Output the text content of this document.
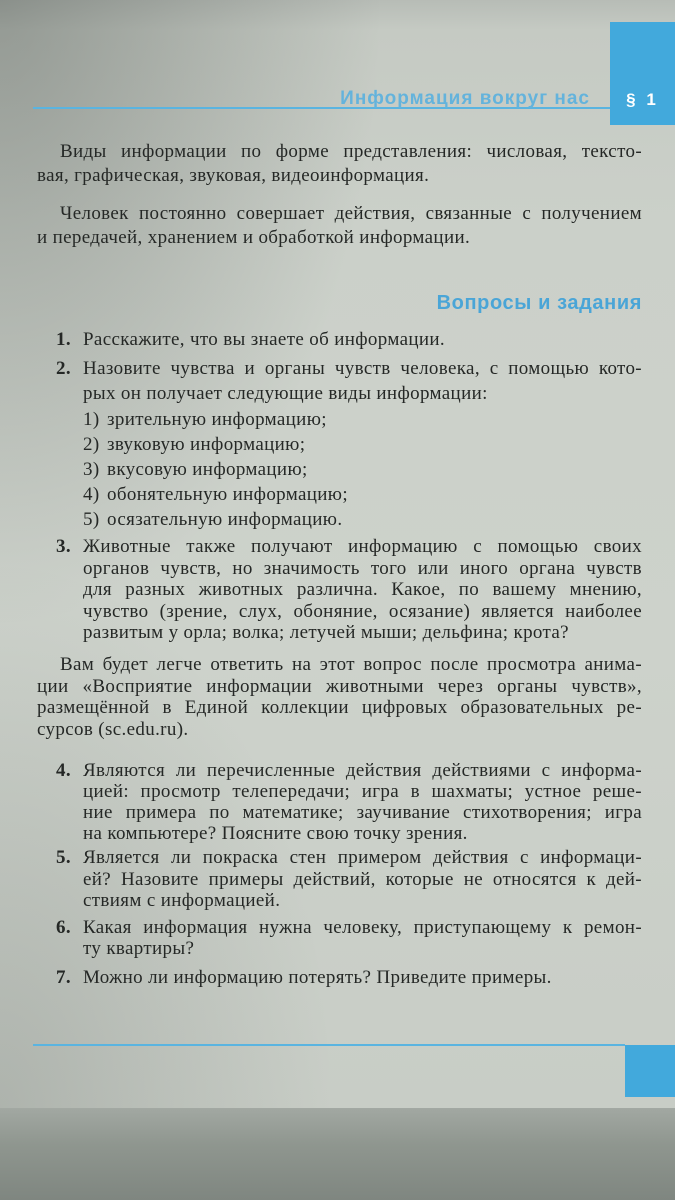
§ 1
Информация вокруг нас
Виды информации по форме представления: числовая, тексто-
вая, графическая, звуковая, видеоинформация.
Человек постоянно совершает действия, связанные с получением
и передачей, хранением и обработкой информации.
Вопросы и задания
1. Расскажите, что вы знаете об информации.
2. Назовите чувства и органы чувств человека, с помощью кото-
рых он получает следующие виды информации:
1) зрительную информацию;
2) звуковую информацию;
3) вкусовую информацию;
4) обонятельную информацию;
5) осязательную информацию.
3. Животные также получают информацию с помощью своих
органов чувств, но значимость того или иного органа чувств
для разных животных различна. Какое, по вашему мнению,
чувство (зрение, слух, обоняние, осязание) является наиболее
развитым у орла; волка; летучей мыши; дельфина; крота?
Вам будет легче ответить на этот вопрос после просмотра анима-
ции «Восприятие информации животными через органы чувств»,
размещённой в Единой коллекции цифровых образовательных ре-
сурсов (sc.edu.ru).
4. Являются ли перечисленные действия действиями с информа-
цией: просмотр телепередачи; игра в шахматы; устное реше-
ние примера по математике; заучивание стихотворения; игра
на компьютере? Поясните свою точку зрения.
5. Является ли покраска стен примером действия с информаци-
ей? Назовите примеры действий, которые не относятся к дей-
ствиям с информацией.
6. Какая информация нужна человеку, приступающему к ремон-
ту квартиры?
7. Можно ли информацию потерять? Приведите примеры.
